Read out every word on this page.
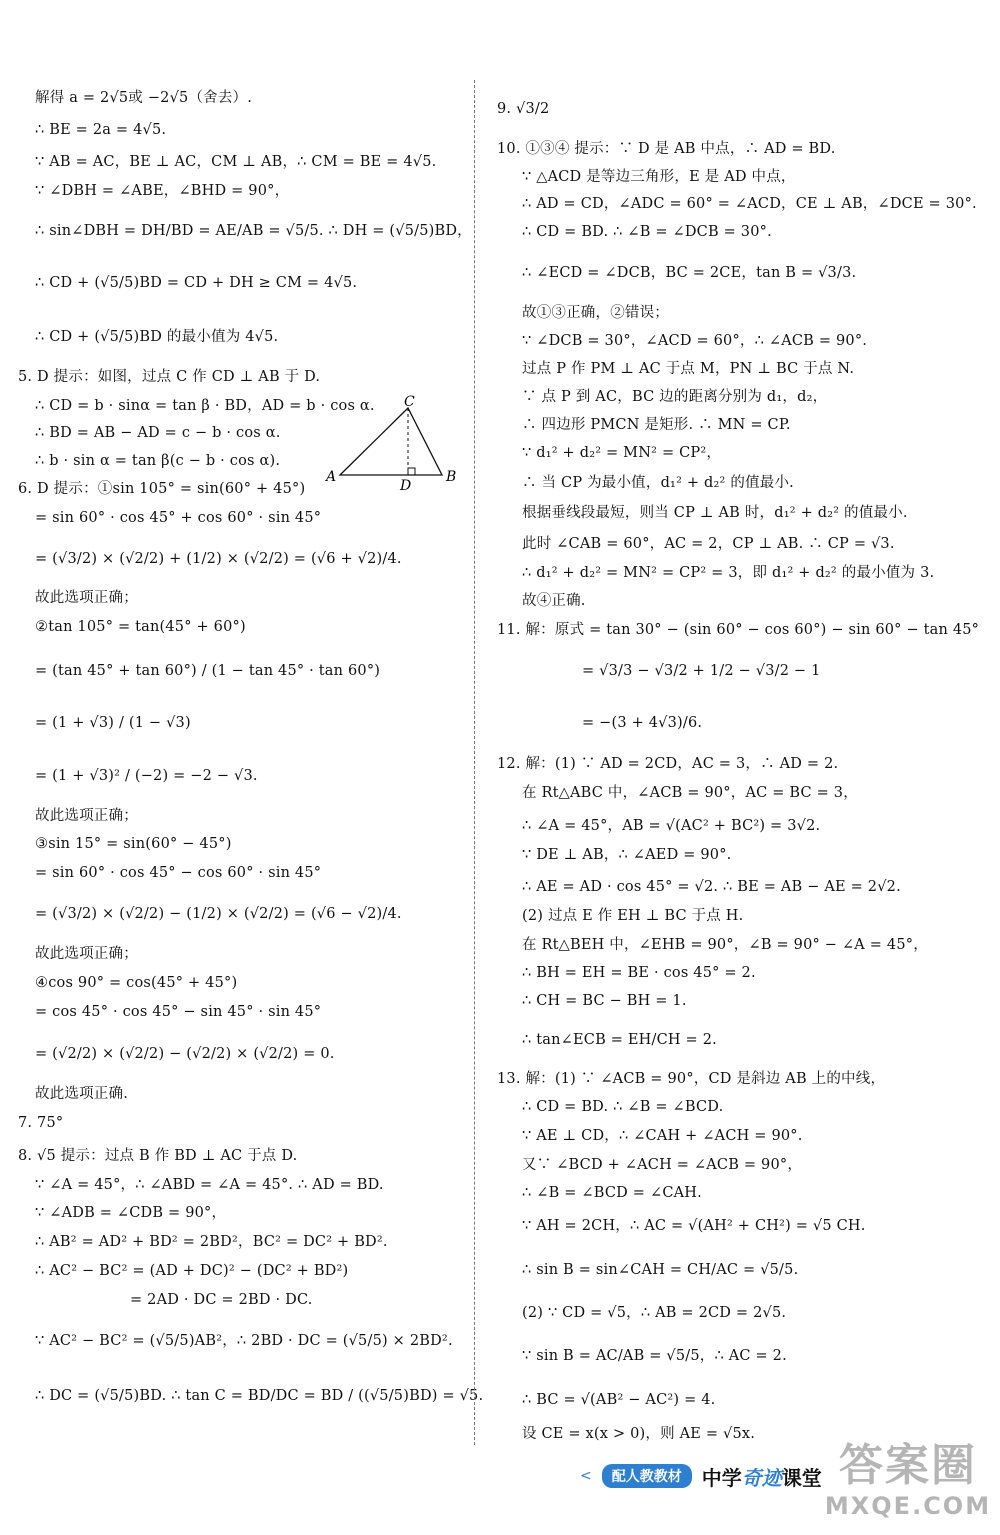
解得 a = 2√5或 −2√5（舍去）.
∴ BE = 2a = 4√5.
∵ AB = AC，BE ⊥ AC，CM ⊥ AB，∴ CM = BE = 4√5.
∵ ∠DBH = ∠ABE，∠BHD = 90°，
∴ sin∠DBH = DH/BD = AE/AB = √5/5. ∴ DH = (√5/5)BD，
∴ CD + (√5/5)BD = CD + DH ≥ CM = 4√5.
∴ CD + (√5/5)BD 的最小值为 4√5.
5. D 提示：如图，过点 C 作 CD ⊥ AB 于 D.
∴ CD = b · sinα = tan β · BD，AD = b · cos α.
∴ BD = AB − AD = c − b · cos α.
∴ b · sin α = tan β(c − b · cos α).
6. D 提示：①sin 105° = sin(60° + 45°)
= sin 60° · cos 45° + cos 60° · sin 45°
= (√3/2) × (√2/2) + (1/2) × (√2/2) = (√6 + √2)/4.
故此选项正确；
②tan 105° = tan(45° + 60°)
= (tan 45° + tan 60°) / (1 − tan 45° · tan 60°)
= (1 + √3) / (1 − √3)
= (1 + √3)² / (−2) = −2 − √3.
故此选项正确；
③sin 15° = sin(60° − 45°)
= sin 60° · cos 45° − cos 60° · sin 45°
= (√3/2) × (√2/2) − (1/2) × (√2/2) = (√6 − √2)/4.
故此选项正确；
④cos 90° = cos(45° + 45°)
= cos 45° · cos 45° − sin 45° · sin 45°
= (√2/2) × (√2/2) − (√2/2) × (√2/2) = 0.
故此选项正确.
7. 75°
8. √5 提示：过点 B 作 BD ⊥ AC 于点 D.
∵ ∠A = 45°，∴ ∠ABD = ∠A = 45°. ∴ AD = BD.
∵ ∠ADB = ∠CDB = 90°，
∴ AB² = AD² + BD² = 2BD²，BC² = DC² + BD².
∴ AC² − BC² = (AD + DC)² − (DC² + BD²)
= 2AD · DC = 2BD · DC.
∵ AC² − BC² = (√5/5)AB²，∴ 2BD · DC = (√5/5) × 2BD².
∴ DC = (√5/5)BD. ∴ tan C = BD/DC = BD / ((√5/5)BD) = √5.
C
A	B
D
9. √3/2
10. ①③④ 提示：∵ D 是 AB 中点，∴ AD = BD.
∵ △ACD 是等边三角形，E 是 AD 中点，
∴ AD = CD，∠ADC = 60° = ∠ACD，CE ⊥ AB，∠DCE = 30°.
∴ CD = BD. ∴ ∠B = ∠DCB = 30°.
∴ ∠ECD = ∠DCB，BC = 2CE，tan B = √3/3.
故①③正确，②错误；
∵ ∠DCB = 30°，∠ACD = 60°，∴ ∠ACB = 90°.
过点 P 作 PM ⊥ AC 于点 M，PN ⊥ BC 于点 N.
∵ 点 P 到 AC，BC 边的距离分别为 d₁，d₂，
∴ 四边形 PMCN 是矩形. ∴ MN = CP.
∵ d₁² + d₂² = MN² = CP²，
∴ 当 CP 为最小值，d₁² + d₂² 的值最小.
根据垂线段最短，则当 CP ⊥ AB 时，d₁² + d₂² 的值最小.
此时 ∠CAB = 60°，AC = 2，CP ⊥ AB. ∴ CP = √3.
∴ d₁² + d₂² = MN² = CP² = 3，即 d₁² + d₂² 的最小值为 3.
故④正确.
11. 解：原式 = tan 30° − (sin 60° − cos 60°) − sin 60° − tan 45°
= √3/3 − √3/2 + 1/2 − √3/2 − 1
= −(3 + 4√3)/6.
12. 解：(1) ∵ AD = 2CD，AC = 3，∴ AD = 2.
在 Rt△ABC 中，∠ACB = 90°，AC = BC = 3，
∴ ∠A = 45°，AB = √(AC² + BC²) = 3√2.
∵ DE ⊥ AB，∴ ∠AED = 90°.
∴ AE = AD · cos 45° = √2. ∴ BE = AB − AE = 2√2.
(2) 过点 E 作 EH ⊥ BC 于点 H.
在 Rt△BEH 中，∠EHB = 90°，∠B = 90° − ∠A = 45°，
∴ BH = EH = BE · cos 45° = 2.
∴ CH = BC − BH = 1.
∴ tan∠ECB = EH/CH = 2.
13. 解：(1) ∵ ∠ACB = 90°，CD 是斜边 AB 上的中线，
∴ CD = BD. ∴ ∠B = ∠BCD.
∵ AE ⊥ CD，∴ ∠CAH + ∠ACH = 90°.
又∵ ∠BCD + ∠ACH = ∠ACB = 90°，
∴ ∠B = ∠BCD = ∠CAH.
∵ AH = 2CH，∴ AC = √(AH² + CH²) = √5 CH.
∴ sin B = sin∠CAH = CH/AC = √5/5.
(2) ∵ CD = √5，∴ AB = 2CD = 2√5.
∵ sin B = AC/AB = √5/5，∴ AC = 2.
∴ BC = √(AB² − AC²) = 4.
设 CE = x(x > 0)，则 AE = √5x.
<	配人教教材	中学奇迹课堂 答案圈
MXQE.COM
